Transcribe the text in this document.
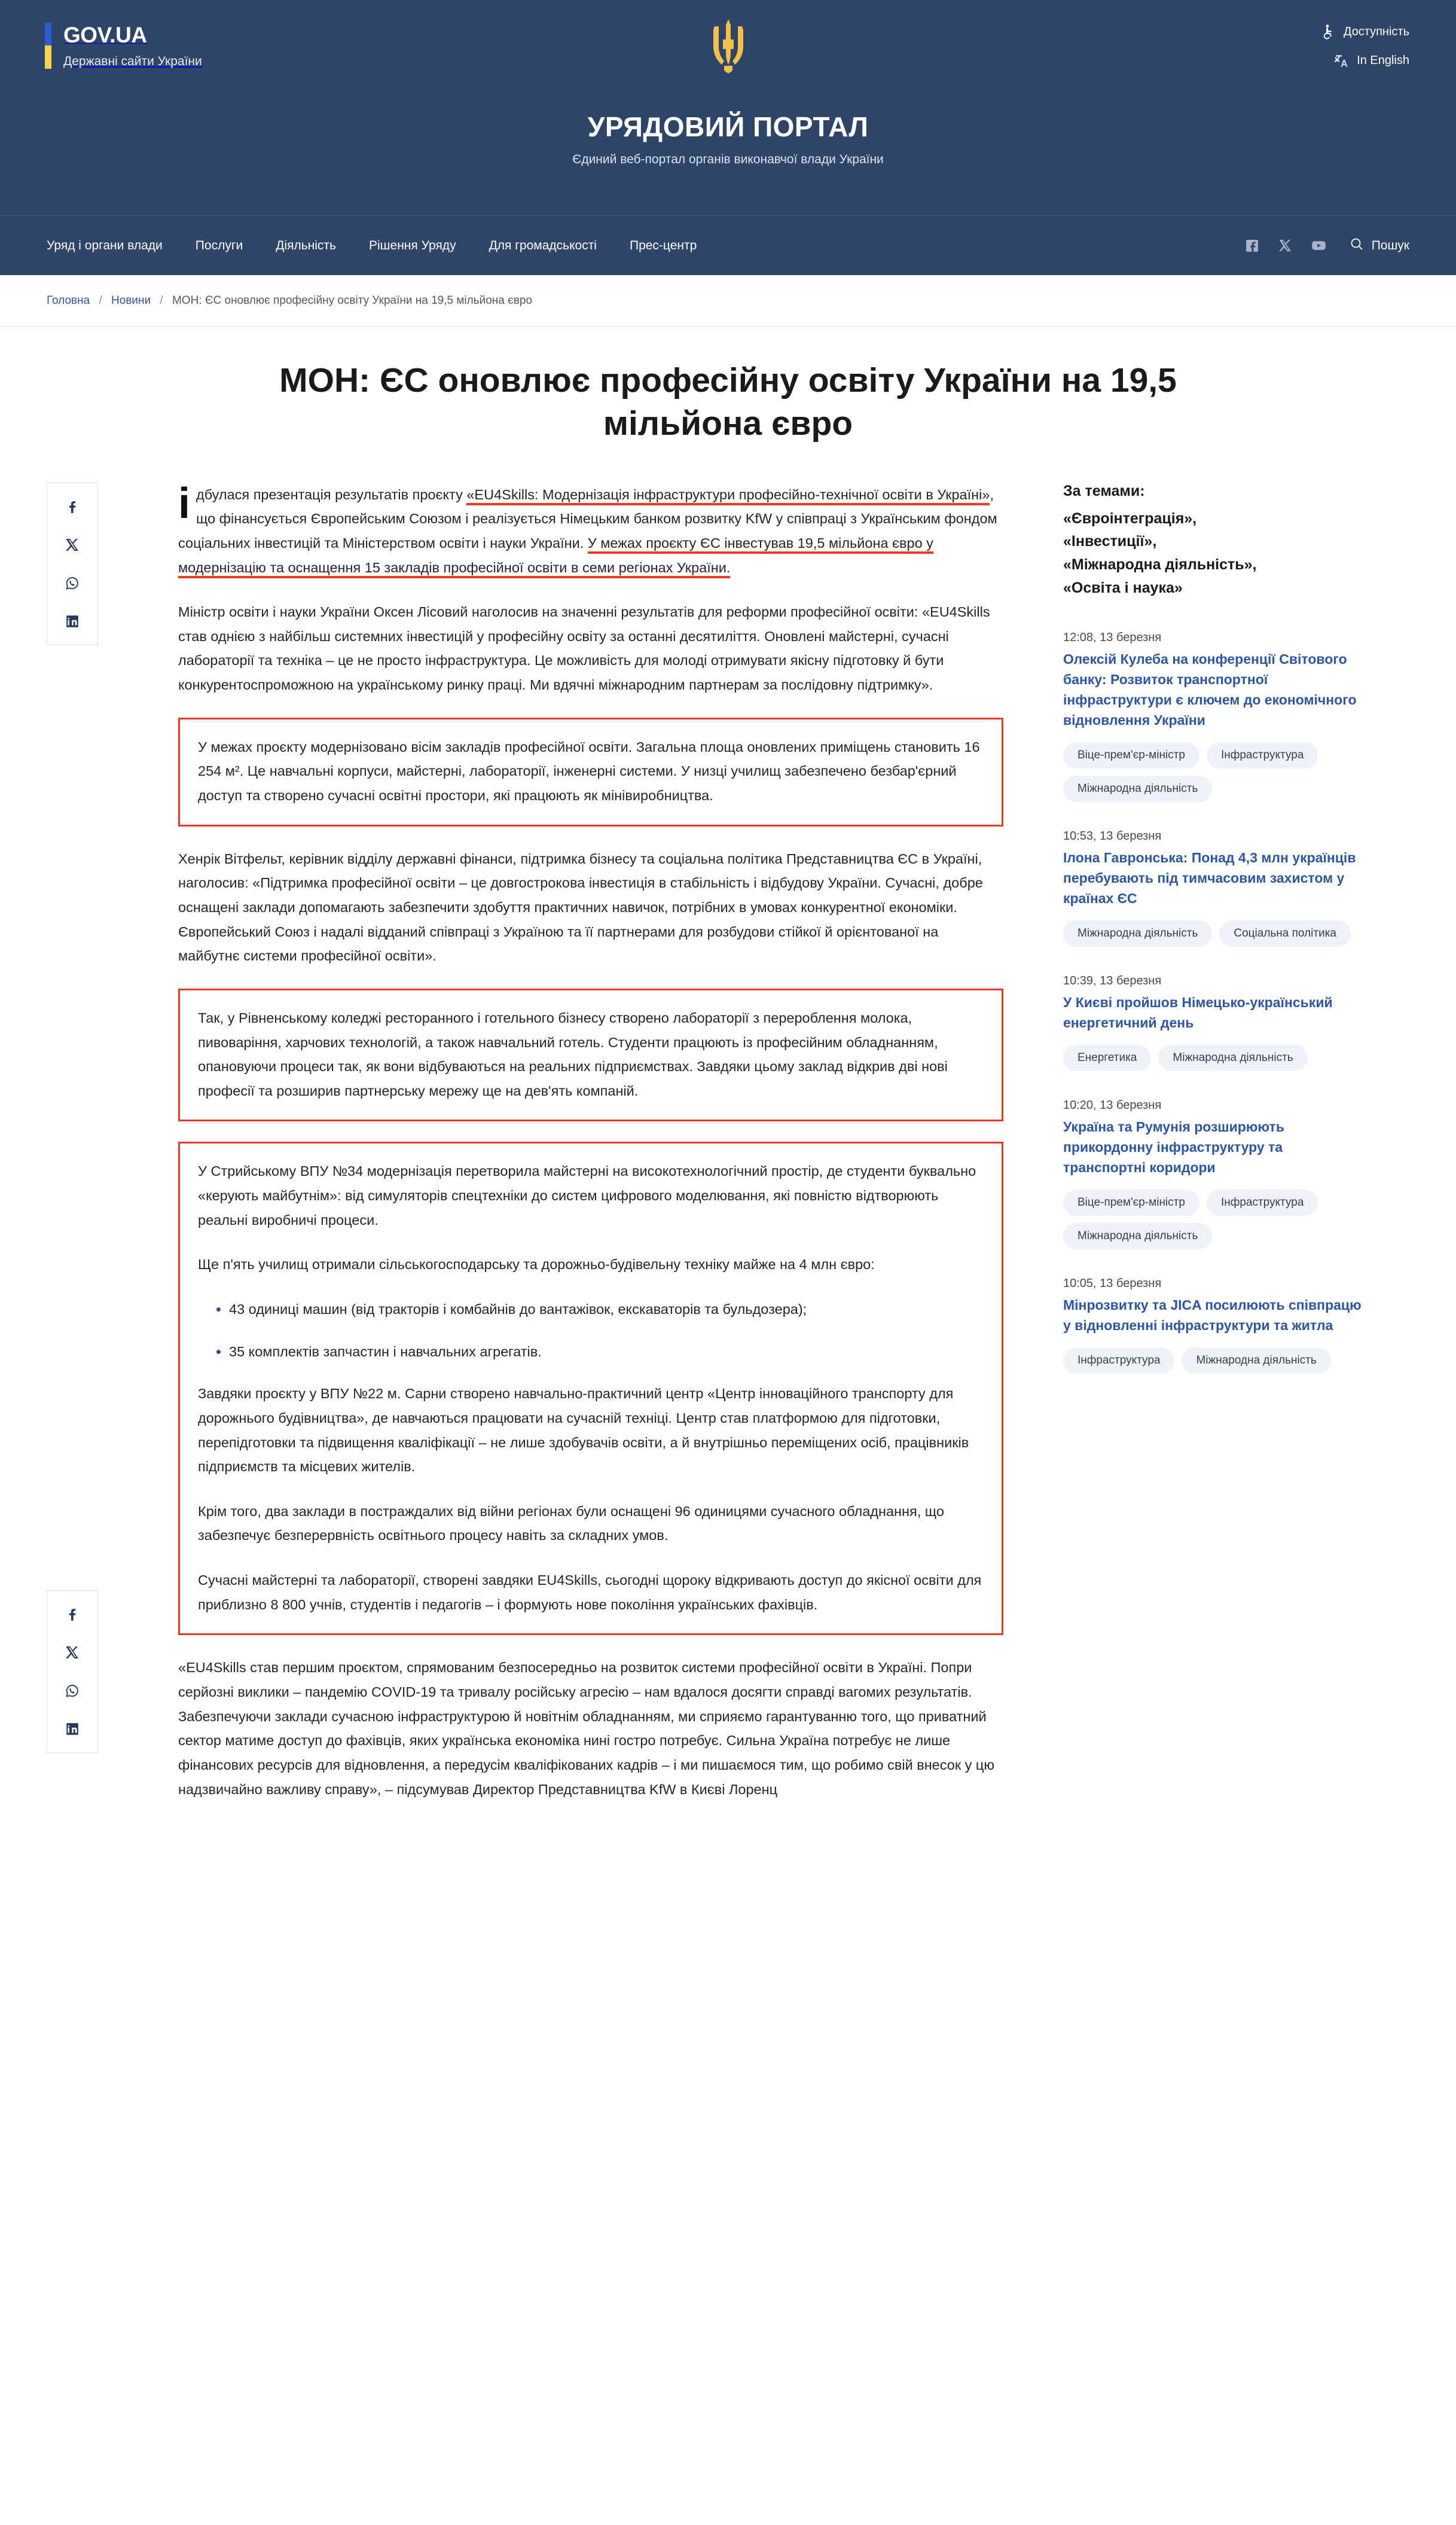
GOV.UA
Державні сайти України
УРЯДОВИЙ ПОРТАЛ
Єдиний веб-портал органів виконавчої влади України
Доступність
In English
Уряд і органи влади	Послуги	Діяльність	Рішення Уряду	Для громадськості	Прес-центр	Пошук
Головна / Новини / МОН: ЄС оновлює професійну освіту України на 19,5 мільйона євро
МОН: ЄС оновлює професійну освіту України на 19,5 мільйона євро

ідбулася презентація результатів проєкту «EU4Skills: Модернізація інфраструктури професійно-технічної освіти в Україні», що фінансується Європейським Союзом і реалізується Німецьким банком розвитку KfW у співпраці з Українським фондом соціальних інвестицій та Міністерством освіти і науки України. У межах проєкту ЄС інвестував 19,5 мільйона євро у модернізацію та оснащення 15 закладів професійної освіти в семи регіонах України.

Міністр освіти і науки України Оксен Лісовий наголосив на значенні результатів для реформи професійної освіти: «EU4Skills став однією з найбільш системних інвестицій у професійну освіту за останні десятиліття. Оновлені майстерні, сучасні лабораторії та техніка – це не просто інфраструктура. Це можливість для молоді отримувати якісну підготовку й бути конкурентоспроможною на українському ринку праці. Ми вдячні міжнародним партнерам за послідовну підтримку».

У межах проєкту модернізовано вісім закладів професійної освіти. Загальна площа оновлених приміщень становить 16 254 м². Це навчальні корпуси, майстерні, лабораторії, інженерні системи. У низці училищ забезпечено безбар'єрний доступ та створено сучасні освітні простори, які працюють як мінівиробництва.

Хенрік Вітфельт, керівник відділу державні фінанси, підтримка бізнесу та соціальна політика Представництва ЄС в Україні, наголосив: «Підтримка професійної освіти – це довгострокова інвестиція в стабільність і відбудову України. Сучасні, добре оснащені заклади допомагають забезпечити здобуття практичних навичок, потрібних в умовах конкурентної економіки. Європейський Союз і надалі відданий співпраці з Україною та її партнерами для розбудови стійкої й орієнтованої на майбутнє системи професійної освіти».

Так, у Рівненському коледжі ресторанного і готельного бізнесу створено лабораторії з перероблення молока, пивоваріння, харчових технологій, а також навчальний готель. Студенти працюють із професійним обладнанням, опановуючи процеси так, як вони відбуваються на реальних підприємствах. Завдяки цьому заклад відкрив дві нові професії та розширив партнерську мережу ще на дев'ять компаній.

У Стрийському ВПУ №34 модернізація перетворила майстерні на високотехнологічний простір, де студенти буквально «керують майбутнім»: від симуляторів спецтехніки до систем цифрового моделювання, які повністю відтворюють реальні виробничі процеси.

Ще п'ять училищ отримали сільськогосподарську та дорожньо-будівельну техніку майже на 4 млн євро:

• 43 одиниці машин (від тракторів і комбайнів до вантажівок, екскаваторів та бульдозера);
• 35 комплектів запчастин і навчальних агрегатів.

Завдяки проєкту у ВПУ №22 м. Сарни створено навчально-практичний центр «Центр інноваційного транспорту для дорожнього будівництва», де навчаються працювати на сучасній техніці. Центр став платформою для підготовки, перепідготовки та підвищення кваліфікації – не лише здобувачів освіти, а й внутрішньо переміщених осіб, працівників підприємств та місцевих жителів.

Крім того, два заклади в постраждалих від війни регіонах були оснащені 96 одиницями сучасного обладнання, що забезпечує безперервність освітнього процесу навіть за складних умов.

Сучасні майстерні та лабораторії, створені завдяки EU4Skills, сьогодні щороку відкривають доступ до якісної освіти для приблизно 8 800 учнів, студентів і педагогів – і формують нове покоління українських фахівців.

«EU4Skills став першим проєктом, спрямованим безпосередньо на розвиток системи професійної освіти в Україні. Попри серйозні виклики – пандемію COVID-19 та тривалу російську агресію – нам вдалося досягти справді вагомих результатів. Забезпечуючи заклади сучасною інфраструктурою й новітнім обладнанням, ми сприяємо гарантуванню того, що приватний сектор матиме доступ до фахівців, яких українська економіка нині гостро потребує. Сильна Україна потребує не лише фінансових ресурсів для відновлення, а передусім кваліфікованих кадрів – і ми пишаємося тим, що робимо свій внесок у цю надзвичайно важливу справу», – підсумував Директор Представництва KfW в Києві Лоренц

За темами:
«Євроінтеграція»,
«Інвестиції»,
«Міжнародна діяльність»,
«Освіта і наука»
12:08, 13 березня
Олексій Кулеба на конференції Світового банку: Розвиток транспортної інфраструктури є ключем до економічного відновлення України
Віце-прем'єр-міністр	Інфраструктура
Міжнародна діяльність
10:53, 13 березня
Ілона Гавронська: Понад 4,3 млн українців перебувають під тимчасовим захистом у країнах ЄС
Міжнародна діяльність	Соціальна політика
10:39, 13 березня
У Києві пройшов Німецько-український енергетичний день
Енергетика	Міжнародна діяльність
10:20, 13 березня
Україна та Румунія розширюють прикордонну інфраструктуру та транспортні коридори
Віце-прем'єр-міністр	Інфраструктура
Міжнародна діяльність
10:05, 13 березня
Мінрозвитку та JICA посилюють співпрацю у відновленні інфраструктури та житла
Інфраструктура	Міжнародна діяльність
